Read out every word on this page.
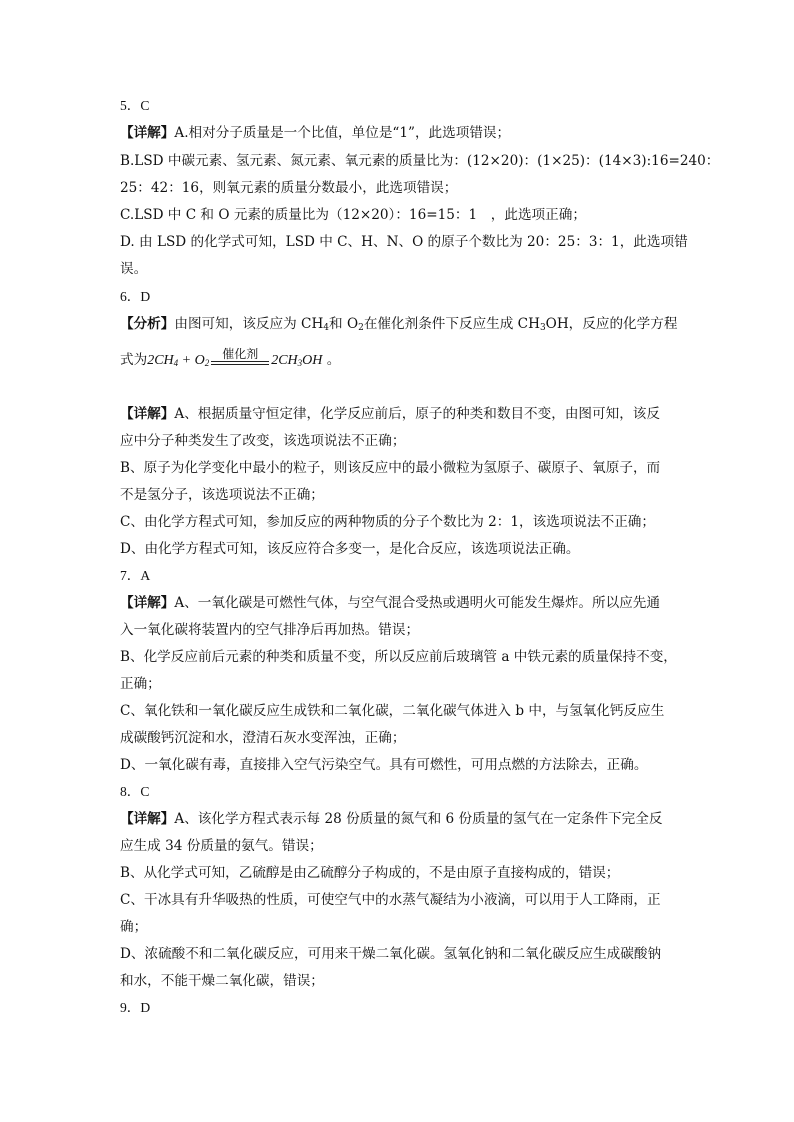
5．C
【详解】A.相对分子质量是一个比值，单位是“1”，此选项错误；
B.LSD 中碳元素、氢元素、氮元素、氧元素的质量比为：(12×20)：(1×25)：(14×3):16=240：
25：42：16，则氧元素的质量分数最小，此选项错误；
C.LSD 中 C 和 O 元素的质量比为（12×20）：16=15：1　，此选项正确；
D. 由 LSD 的化学式可知，LSD 中 C、H、N、O 的原子个数比为 20：25：3：1，此选项错
误。
6．D
【分析】由图可知，该反应为 $CH_4$和 $O_2$在催化剂条件下反应生成 $CH_3OH$，反应的化学方程
式为$2CH_4 + O_2$
催化剂 $2CH_3OH$ 。
【详解】A、根据质量守恒定律，化学反应前后，原子的种类和数目不变，由图可知，该反
应中分子种类发生了改变，该选项说法不正确；
B、原子为化学变化中最小的粒子，则该反应中的最小微粒为氢原子、碳原子、氧原子，而
不是氢分子，该选项说法不正确；
C、由化学方程式可知，参加反应的两种物质的分子个数比为 2：1，该选项说法不正确；
D、由化学方程式可知，该反应符合多变一，是化合反应，该选项说法正确。
7．A
【详解】A、一氧化碳是可燃性气体，与空气混合受热或遇明火可能发生爆炸。所以应先通
入一氧化碳将装置内的空气排净后再加热。错误；
B、化学反应前后元素的种类和质量不变，所以反应前后玻璃管 a 中铁元素的质量保持不变，
正确；
C、氧化铁和一氧化碳反应生成铁和二氧化碳，二氧化碳气体进入 b 中，与氢氧化钙反应生
成碳酸钙沉淀和水，澄清石灰水变浑浊，正确；
D、一氧化碳有毒，直接排入空气污染空气。具有可燃性，可用点燃的方法除去，正确。
8．C
【详解】A、该化学方程式表示每 28 份质量的氮气和 6 份质量的氢气在一定条件下完全反
应生成 34 份质量的氨气。错误；
B、从化学式可知，乙硫醇是由乙硫醇分子构成的，不是由原子直接构成的，错误；
C、干冰具有升华吸热的性质，可使空气中的水蒸气凝结为小液滴，可以用于人工降雨，正
确；
D、浓硫酸不和二氧化碳反应，可用来干燥二氧化碳。氢氧化钠和二氧化碳反应生成碳酸钠
和水，不能干燥二氧化碳，错误；
9．D
